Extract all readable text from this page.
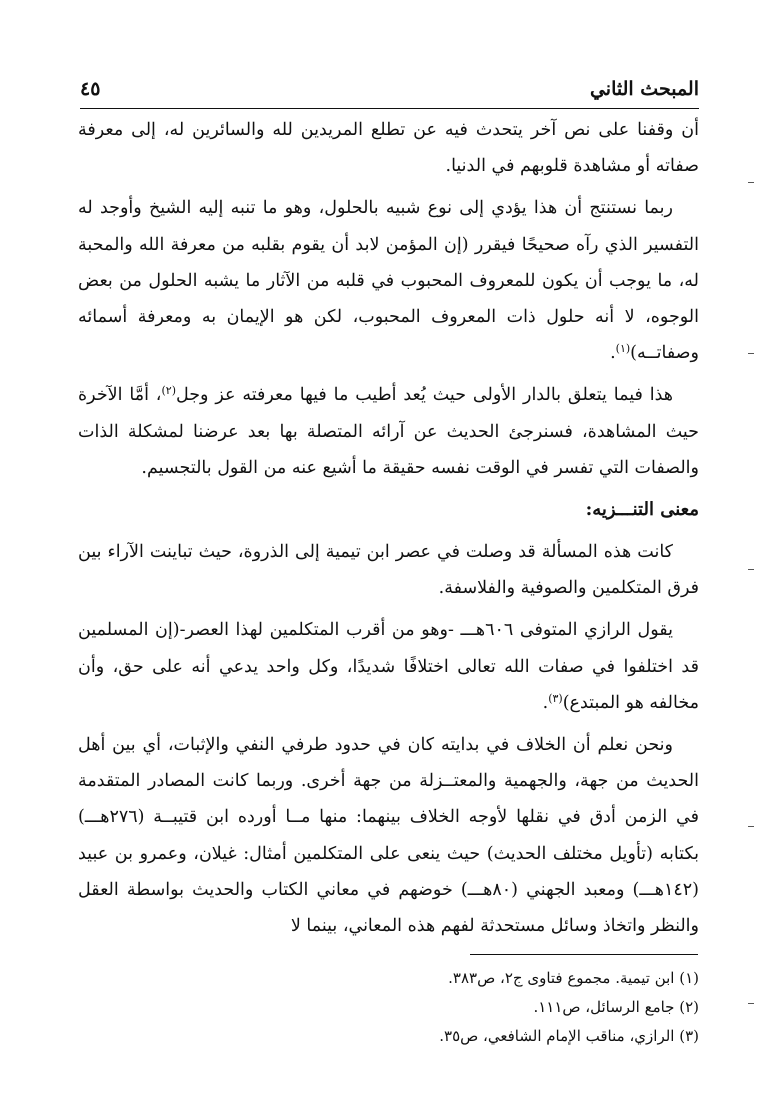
المبحث الثاني
٤٥

أن وقفنا على نص آخر يتحدث فيه عن تطلع المريدين لله والسائرين له، إلى معرفة صفاته أو مشاهدة قلوبهم في الدنيا.

ربما نستنتج أن هذا يؤدي إلى نوع شبيه بالحلول، وهو ما تنبه إليه الشيخ وأوجد له التفسير الذي رآه صحيحًا فيقرر (إن المؤمن لابد أن يقوم بقلبه من معرفة الله والمحبة له، ما يوجب أن يكون للمعروف المحبوب في قلبه من الآثار ما يشبه الحلول من بعض الوجوه، لا أنه حلول ذات المعروف المحبوب، لكن هو الإيمان به ومعرفة أسمائه وصفاتــه)$^{(١)}$.

هذا فيما يتعلق بالدار الأولى حيث يُعد أطيب ما فيها معرفته عز وجل$^{(٢)}$، أمَّا الآخرة حيث المشاهدة، فسنرجئ الحديث عن آرائه المتصلة بها بعد عرضنا لمشكلة الذات والصفات التي تفسر في الوقت نفسه حقيقة ما أشيع عنه من القول بالتجسيم.

معنى التنـــزيه:

كانت هذه المسألة قد وصلت في عصر ابن تيمية إلى الذروة، حيث تباينت الآراء بين فرق المتكلمين والصوفية والفلاسفة.

يقول الرازي المتوفى ٦٠٦هـــ -وهو من أقرب المتكلمين لهذا العصر-(إن المسلمين قد اختلفوا في صفات الله تعالى اختلافًا شديدًا، وكل واحد يدعي أنه على حق، وأن مخالفه هو المبتدع)$^{(٣)}$.

ونحن نعلم أن الخلاف في بدايته كان في حدود طرفي النفي والإثبات، أي بين أهل الحديث من جهة، والجهمية والمعتــزلة من جهة أخرى. وربما كانت المصادر المتقدمة في الزمن أدق في نقلها لأوجه الخلاف بينهما: منها مــا أورده ابن قتيبــة (٢٧٦هـــ) بكتابه (تأويل مختلف الحديث) حيث ينعى على المتكلمين أمثال: غيلان، وعمرو بن عبيد (١٤٢هـــ) ومعبد الجهني (٨٠هـــ) خوضهم في معاني الكتاب والحديث بواسطة العقل والنظر واتخاذ وسائل مستحدثة لفهم هذه المعاني، بينما لا

(١) ابن تيمية. مجموع فتاوى ج٢، ص٣٨٣.
(٢) جامع الرسائل، ص١١١.
(٣) الرازي، مناقب الإمام الشافعي، ص٣٥.
